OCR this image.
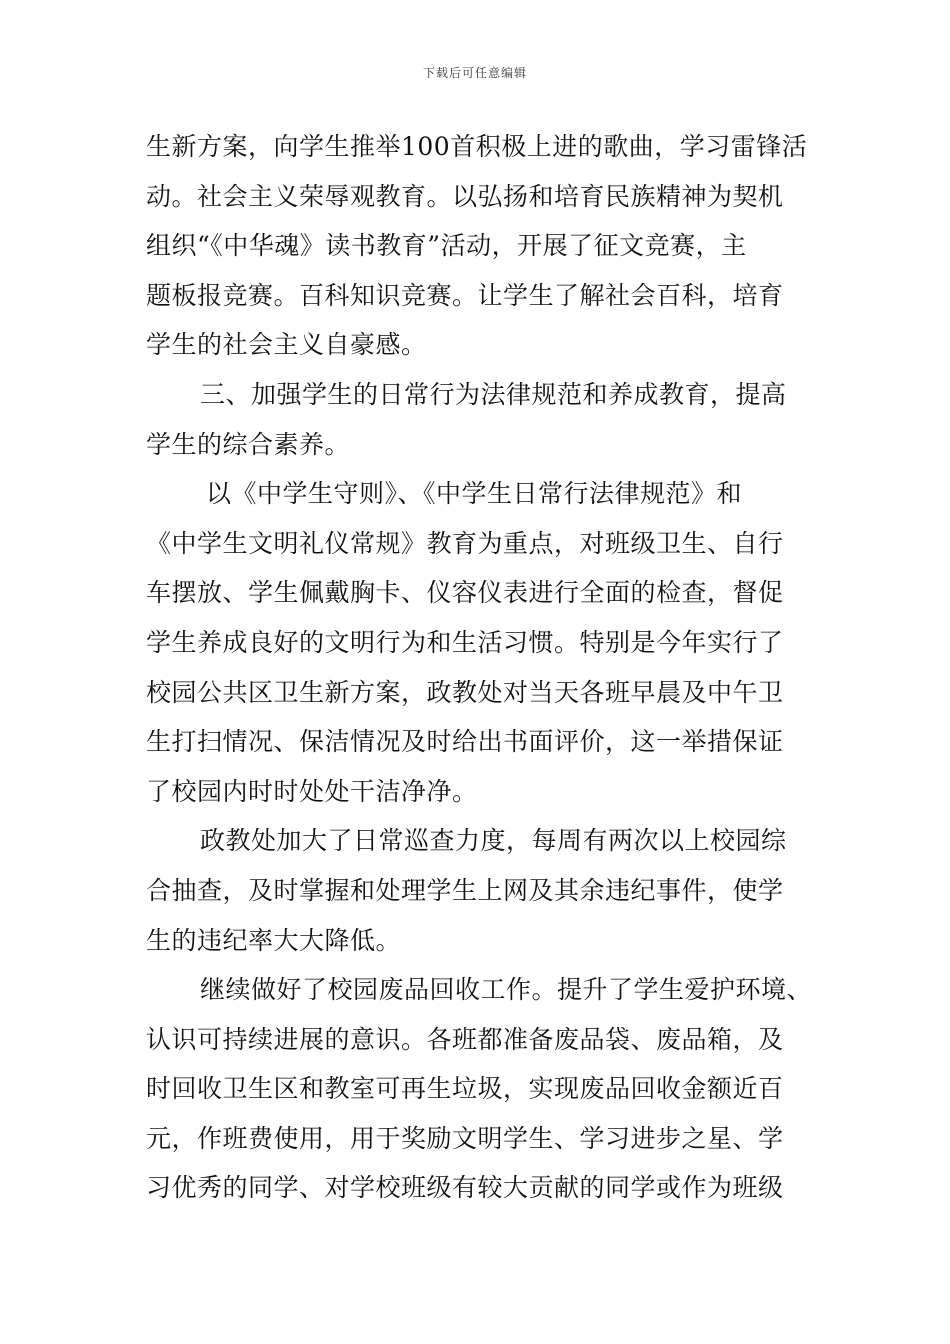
下载后可任意编辑
生新方案，向学生推举100首积极上进的歌曲，学习雷锋活
动。社会主义荣辱观教育。以弘扬和培育民族精神为契机
组织“《中华魂》读书教育”活动，开展了征文竞赛，主
题板报竞赛。百科知识竞赛。让学生了解社会百科，培育
学生的社会主义自豪感。
三、加强学生的日常行为法律规范和养成教育，提高
学生的综合素养。
以《中学生守则》、《中学生日常行法律规范》和
《中学生文明礼仪常规》教育为重点，对班级卫生、自行
车摆放、学生佩戴胸卡、仪容仪表进行全面的检查，督促
学生养成良好的文明行为和生活习惯。特别是今年实行了
校园公共区卫生新方案，政教处对当天各班早晨及中午卫
生打扫情况、保洁情况及时给出书面评价，这一举措保证
了校园内时时处处干洁净净。
政教处加大了日常巡查力度，每周有两次以上校园综
合抽查，及时掌握和处理学生上网及其余违纪事件，使学
生的违纪率大大降低。
继续做好了校园废品回收工作。提升了学生爱护环境、
认识可持续进展的意识。各班都准备废品袋、废品箱，及
时回收卫生区和教室可再生垃圾，实现废品回收金额近百
元，作班费使用，用于奖励文明学生、学习进步之星、学
习优秀的同学、对学校班级有较大贡献的同学或作为班级
